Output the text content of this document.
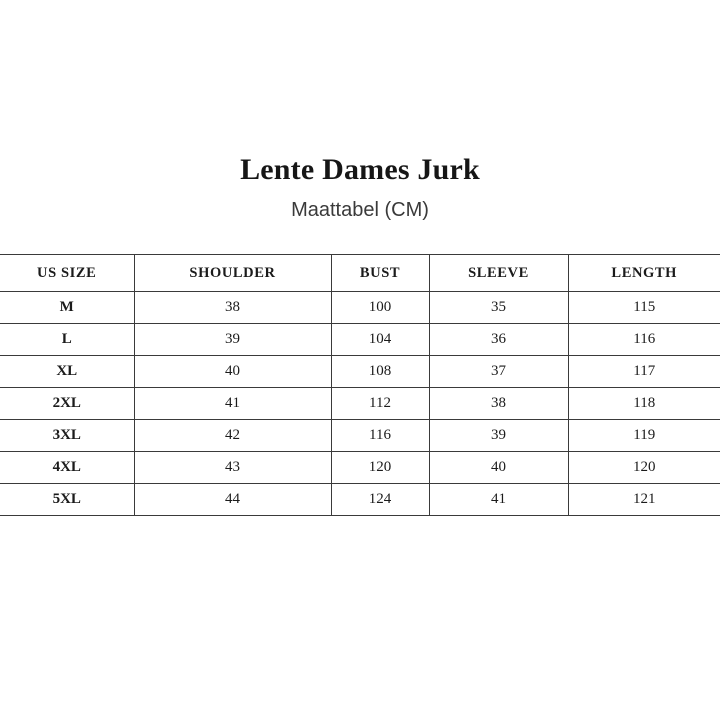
Lente Dames Jurk

Maattabel (CM)

US SIZE	SHOULDER	BUST	SLEEVE	LENGTH
M	38	100	35	115
L	39	104	36	116
XL	40	108	37	117
2XL	41	112	38	118
3XL	42	116	39	119
4XL	43	120	40	120
5XL	44	124	41	121
